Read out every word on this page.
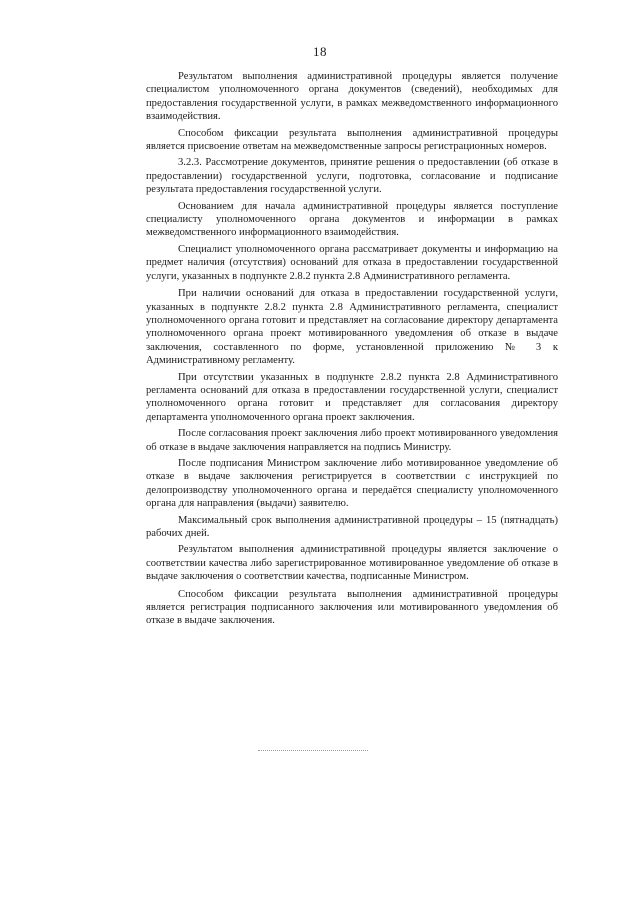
18

Результатом выполнения административной процедуры является получение специалистом уполномоченного органа документов (сведений), необходимых для предоставления государственной услуги, в рамках межведомственного информационного взаимодействия.

Способом фиксации результата выполнения административной процедуры является присвоение ответам на межведомственные запросы регистрационных номеров.

3.2.3. Рассмотрение документов, принятие решения о предоставлении (об отказе в предоставлении) государственной услуги, подготовка, согласование и подписание результата предоставления государственной услуги.

Основанием для начала административной процедуры является поступление специалисту уполномоченного органа документов и информации в рамках межведомственного информационного взаимодействия.

Специалист уполномоченного органа рассматривает документы и информацию на предмет наличия (отсутствия) оснований для отказа в предоставлении государственной услуги, указанных в подпункте 2.8.2 пункта 2.8 Административного регламента.

При наличии оснований для отказа в предоставлении государственной услуги, указанных в подпункте 2.8.2 пункта 2.8 Административного регламента, специалист уполномоченного органа готовит и представляет на согласование директору департамента уполномоченного органа проект мотивированного уведомления об отказе в выдаче заключения, составленного по форме, установленной приложению № 3 к Административному регламенту.

При отсутствии указанных в подпункте 2.8.2 пункта 2.8 Административного регламента оснований для отказа в предоставлении государственной услуги, специалист уполномоченного органа готовит и представляет для согласования директору департамента уполномоченного органа проект заключения.

После согласования проект заключения либо проект мотивированного уведомления об отказе в выдаче заключения направляется на подпись Министру.

После подписания Министром заключение либо мотивированное уведомление об отказе в выдаче заключения регистрируется в соответствии с инструкцией по делопроизводству уполномоченного органа и передаётся специалисту уполномоченного органа для направления (выдачи) заявителю.

Максимальный срок выполнения административной процедуры – 15 (пятнадцать) рабочих дней.

Результатом выполнения административной процедуры является заключение о соответствии качества либо зарегистрированное мотивированное уведомление об отказе в выдаче заключения о соответствии качества, подписанные Министром.

Способом фиксации результата выполнения административной процедуры является регистрация подписанного заключения или мотивированного уведомления об отказе в выдаче заключения.
